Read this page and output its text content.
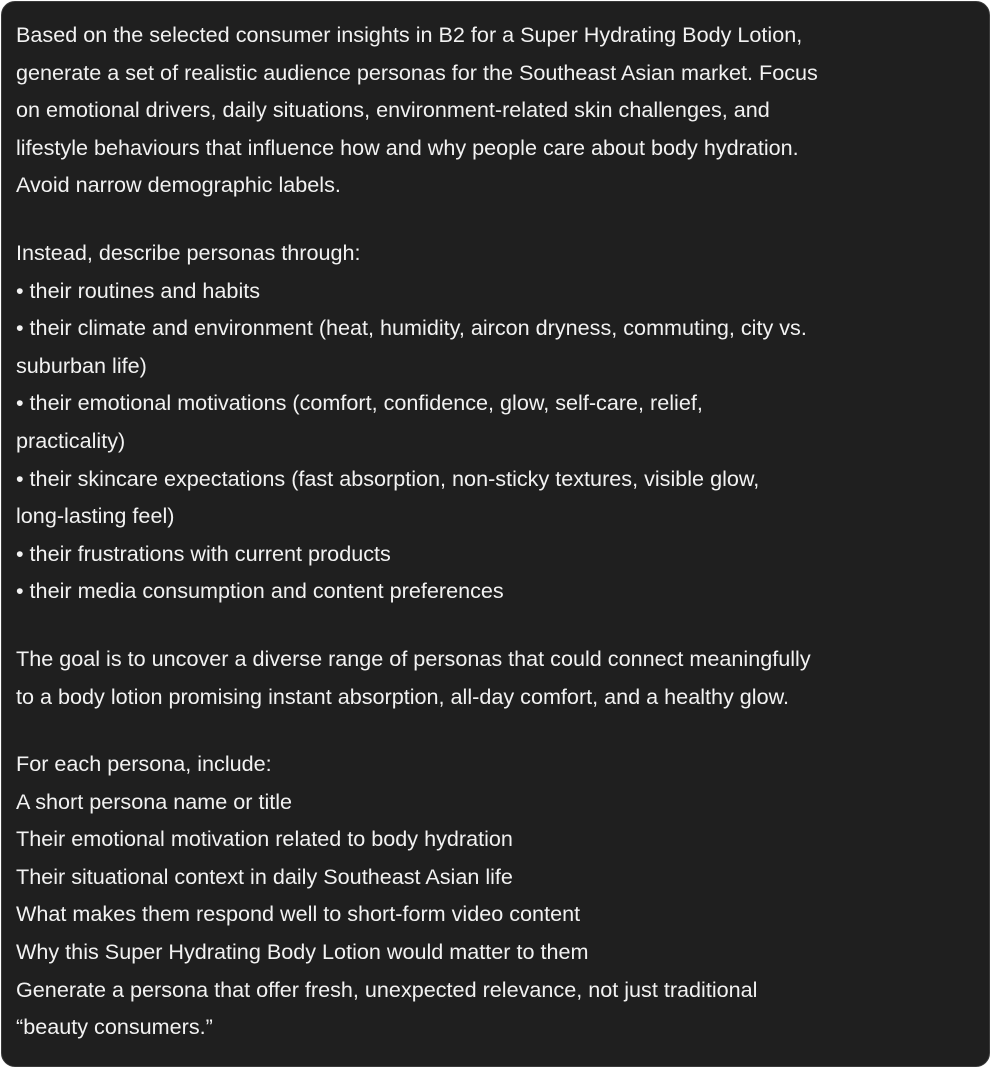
Based on the selected consumer insights in B2 for a Super Hydrating Body Lotion,
generate a set of realistic audience personas for the Southeast Asian market. Focus
on emotional drivers, daily situations, environment-related skin challenges, and
lifestyle behaviours that influence how and why people care about body hydration.
Avoid narrow demographic labels.
Instead, describe personas through:
• their routines and habits
• their climate and environment (heat, humidity, aircon dryness, commuting, city vs.
suburban life)
• their emotional motivations (comfort, confidence, glow, self-care, relief,
practicality)
• their skincare expectations (fast absorption, non-sticky textures, visible glow,
long-lasting feel)
• their frustrations with current products
• their media consumption and content preferences
The goal is to uncover a diverse range of personas that could connect meaningfully
to a body lotion promising instant absorption, all-day comfort, and a healthy glow.
For each persona, include:
A short persona name or title
Their emotional motivation related to body hydration
Their situational context in daily Southeast Asian life
What makes them respond well to short-form video content
Why this Super Hydrating Body Lotion would matter to them
Generate a persona that offer fresh, unexpected relevance, not just traditional
“beauty consumers.”
